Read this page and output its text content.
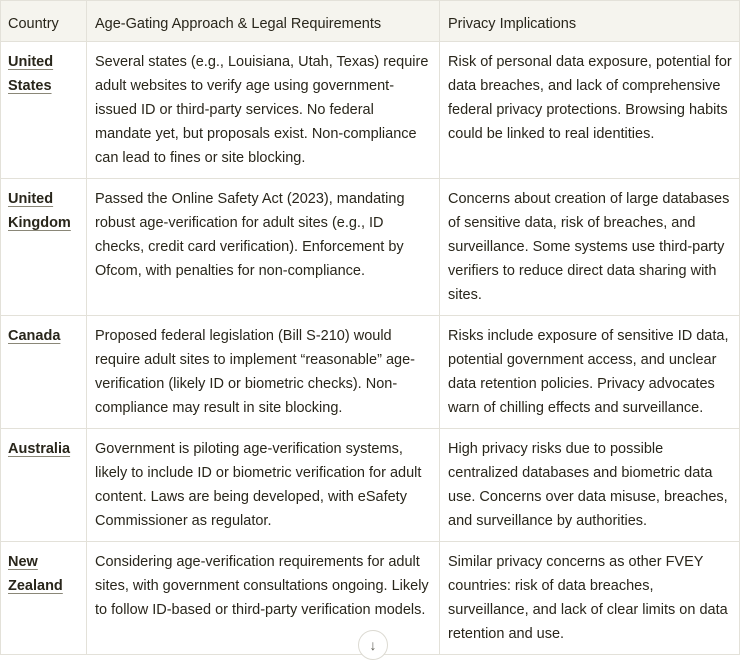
Country	Age-Gating Approach & Legal Requirements	Privacy Implications
United States	Several states (e.g., Louisiana, Utah, Texas) require adult websites to verify age using government-issued ID or third-party services. No federal mandate yet, but proposals exist. Non-compliance can lead to fines or site blocking.	Risk of personal data exposure, potential for data breaches, and lack of comprehensive federal privacy protections. Browsing habits could be linked to real identities.
United Kingdom	Passed the Online Safety Act (2023), mandating robust age-verification for adult sites (e.g., ID checks, credit card verification). Enforcement by Ofcom, with penalties for non-compliance.	Concerns about creation of large databases of sensitive data, risk of breaches, and surveillance. Some systems use third-party verifiers to reduce direct data sharing with sites.
Canada	Proposed federal legislation (Bill S-210) would require adult sites to implement “reasonable” age-verification (likely ID or biometric checks). Non-compliance may result in site blocking.	Risks include exposure of sensitive ID data, potential government access, and unclear data retention policies. Privacy advocates warn of chilling effects and surveillance.
Australia	Government is piloting age-verification systems, likely to include ID or biometric verification for adult content. Laws are being developed, with eSafety Commissioner as regulator.	High privacy risks due to possible centralized databases and biometric data use. Concerns over data misuse, breaches, and surveillance by authorities.
New Zealand	Considering age-verification requirements for adult sites, with government consultations ongoing. Likely to follow ID-based or third-party verification models.	Similar privacy concerns as other FVEY countries: risk of data breaches, surveillance, and lack of clear limits on data retention and use.
↓
